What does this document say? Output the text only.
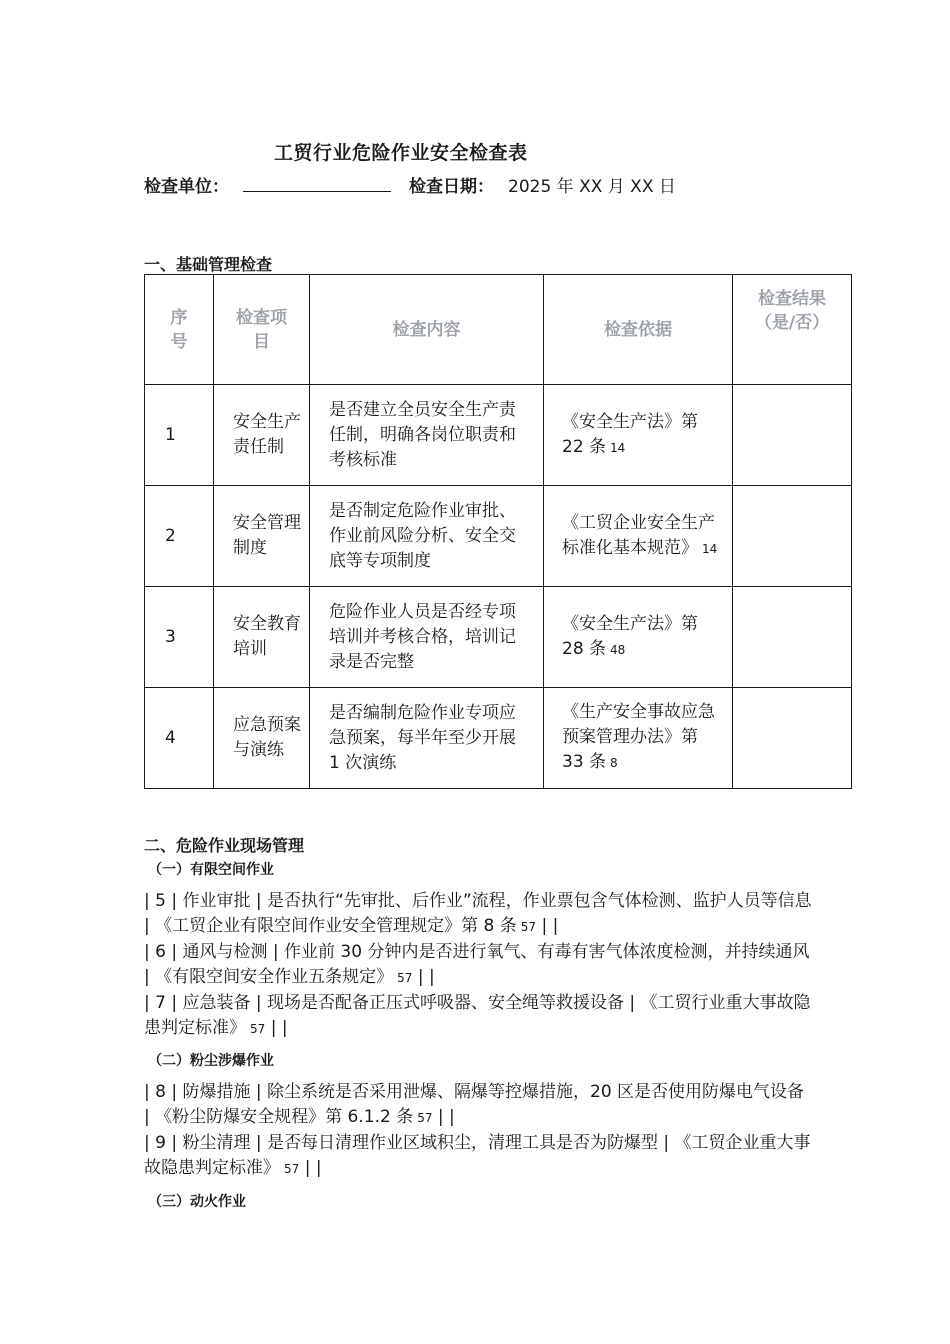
工贸行业危险作业安全检查表
检查单位：	检查日期： 2025 年 XX 月 XX 日
一、基础管理检查
序号	检查项目	检查内容	检查依据	检查结果（是/否）

1	安全生产责任制	是否建立全员安全生产责任制，明确各岗位职责和考核标准	《安全生产法》第 22 条 14	
2	安全管理制度	是否制定危险作业审批、作业前风险分析、安全交底等专项制度	《工贸企业安全生产标准化基本规范》 14	
3	安全教育培训	危险作业人员是否经专项培训并考核合格，培训记录是否完整	《安全生产法》第 28 条 48	
4	应急预案与演练	是否编制危险作业专项应急预案，每半年至少开展 1 次演练	《生产安全事故应急预案管理办法》第 33 条 8	
二、危险作业现场管理
（一）有限空间作业

| 5 | 作业审批 | 是否执行“先审批、后作业”流程，作业票包含气体检测、监护人员等信息 | 《工贸企业有限空间作业安全管理规定》第 8 条 57 | |

| 6 | 通风与检测 | 作业前 30 分钟内是否进行氧气、有毒有害气体浓度检测，并持续通风 | 《有限空间安全作业五条规定》 57 | |

| 7 | 应急装备 | 现场是否配备正压式呼吸器、安全绳等救援设备 | 《工贸行业重大事故隐患判定标准》 57 | |

（二）粉尘涉爆作业

| 8 | 防爆措施 | 除尘系统是否采用泄爆、隔爆等控爆措施，20 区是否使用防爆电气设备 | 《粉尘防爆安全规程》第 6.1.2 条 57 | |

| 9 | 粉尘清理 | 是否每日清理作业区域积尘，清理工具是否为防爆型 | 《工贸企业重大事故隐患判定标准》 57 | |

（三）动火作业
